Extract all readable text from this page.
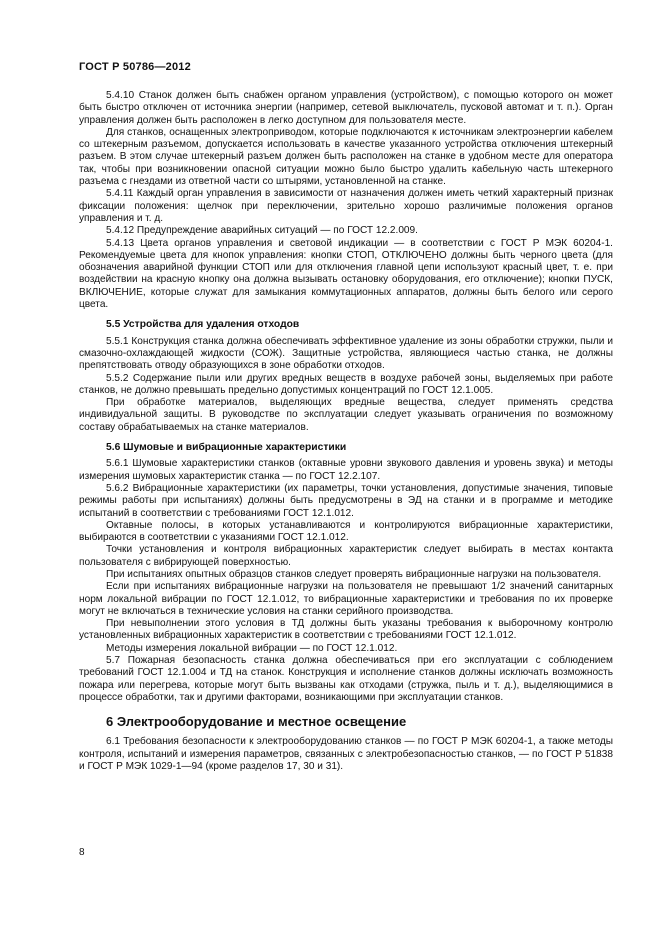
ГОСТ Р 50786—2012

5.4.10 Станок должен быть снабжен органом управления (устройством), с помощью которого он может быть быстро отключен от источника энергии (например, сетевой выключатель, пусковой автомат и т. п.). Орган управления должен быть расположен в легко доступном для пользователя месте.

Для станков, оснащенных электроприводом, которые подключаются к источникам электроэнергии кабелем со штекерным разъемом, допускается использовать в качестве указанного устройства отключения штекерный разъем. В этом случае штекерный разъем должен быть расположен на станке в удобном месте для оператора так, чтобы при возникновении опасной ситуации можно было быстро удалить кабельную часть штекерного разъема с гнездами из ответной части со штырями, установленной на станке.

5.4.11 Каждый орган управления в зависимости от назначения должен иметь четкий характерный признак фиксации положения: щелчок при переключении, зрительно хорошо различимые положения органов управления и т. д.

5.4.12 Предупреждение аварийных ситуаций — по ГОСТ 12.2.009.

5.4.13 Цвета органов управления и световой индикации — в соответствии с ГОСТ Р МЭК 60204-1. Рекомендуемые цвета для кнопок управления: кнопки СТОП, ОТКЛЮЧЕНО должны быть черного цвета (для обозначения аварийной функции СТОП или для отключения главной цепи используют красный цвет, т. е. при воздействии на красную кнопку она должна вызывать остановку оборудования, его отключение); кнопки ПУСК, ВКЛЮЧЕНИЕ, которые служат для замыкания коммутационных аппаратов, должны быть белого или серого цвета.

5.5 Устройства для удаления отходов

5.5.1 Конструкция станка должна обеспечивать эффективное удаление из зоны обработки стружки, пыли и смазочно-охлаждающей жидкости (СОЖ). Защитные устройства, являющиеся частью станка, не должны препятствовать отводу образующихся в зоне обработки отходов.

5.5.2 Содержание пыли или других вредных веществ в воздухе рабочей зоны, выделяемых при работе станков, не должно превышать предельно допустимых концентраций по ГОСТ 12.1.005.

При обработке материалов, выделяющих вредные вещества, следует применять средства индивидуальной защиты. В руководстве по эксплуатации следует указывать ограничения по возможному составу обрабатываемых на станке материалов.

5.6 Шумовые и вибрационные характеристики

5.6.1 Шумовые характеристики станков (октавные уровни звукового давления и уровень звука) и методы измерения шумовых характеристик станка — по ГОСТ 12.2.107.

5.6.2 Вибрационные характеристики (их параметры, точки установления, допустимые значения, типовые режимы работы при испытаниях) должны быть предусмотрены в ЭД на станки и в программе и методике испытаний в соответствии с требованиями ГОСТ 12.1.012.

Октавные полосы, в которых устанавливаются и контролируются вибрационные характеристики, выбираются в соответствии с указаниями ГОСТ 12.1.012.

Точки установления и контроля вибрационных характеристик следует выбирать в местах контакта пользователя с вибрирующей поверхностью.

При испытаниях опытных образцов станков следует проверять вибрационные нагрузки на пользователя.

Если при испытаниях вибрационные нагрузки на пользователя не превышают 1/2 значений санитарных норм локальной вибрации по ГОСТ 12.1.012, то вибрационные характеристики и требования по их проверке могут не включаться в технические условия на станки серийного производства.

При невыполнении этого условия в ТД должны быть указаны требования к выборочному контролю установленных вибрационных характеристик в соответствии с требованиями ГОСТ 12.1.012.

Методы измерения локальной вибрации — по ГОСТ 12.1.012.

5.7 Пожарная безопасность станка должна обеспечиваться при его эксплуатации с соблюдением требований ГОСТ 12.1.004 и ТД на станок. Конструкция и исполнение станков должны исключать возможность пожара или перегрева, которые могут быть вызваны как отходами (стружка, пыль и т. д.), выделяющимися в процессе обработки, так и другими факторами, возникающими при эксплуатации станков.

6 Электрооборудование и местное освещение

6.1 Требования безопасности к электрооборудованию станков — по ГОСТ Р МЭК 60204-1, а также методы контроля, испытаний и измерения параметров, связанных с электробезопасностью станков, — по ГОСТ Р 51838 и ГОСТ Р МЭК 1029-1—94 (кроме разделов 17, 30 и 31).

8
